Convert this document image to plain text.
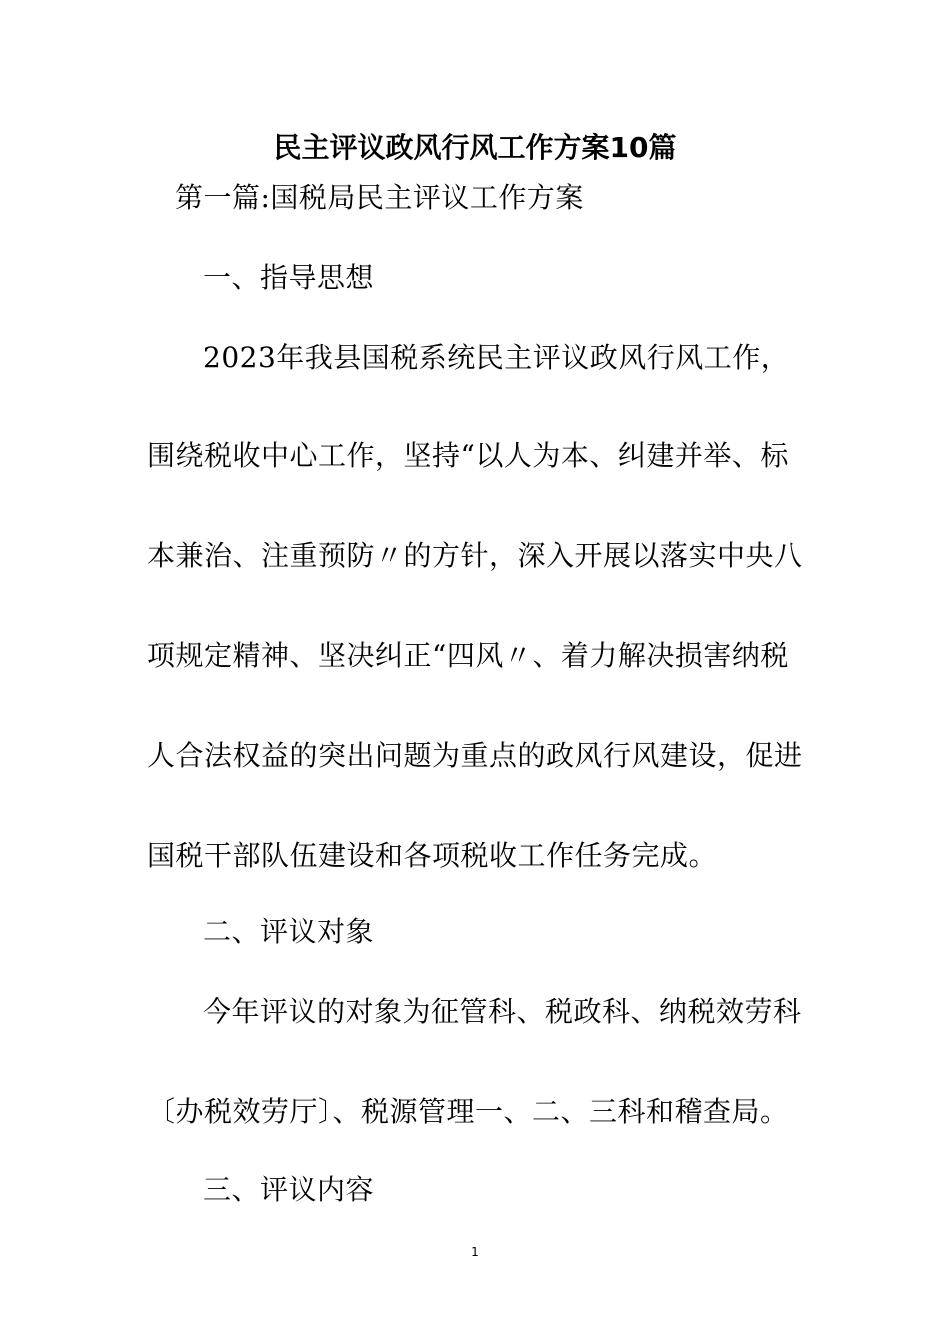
民主评议政风行风工作方案10篇
第一篇:国税局民主评议工作方案
一、指导思想
2023年我县国税系统民主评议政风行风工作，
围绕税收中心工作，坚持“以人为本、纠建并举、标
本兼治、注重预防〃的方针，深入开展以落实中央八
项规定精神、坚决纠正“四风〃、着力解决损害纳税
人合法权益的突出问题为重点的政风行风建设，促进
国税干部队伍建设和各项税收工作任务完成。
二、评议对象
今年评议的对象为征管科、税政科、纳税效劳科
〔办税效劳厅〕、税源管理一、二、三科和稽查局。
三、评议内容
1
